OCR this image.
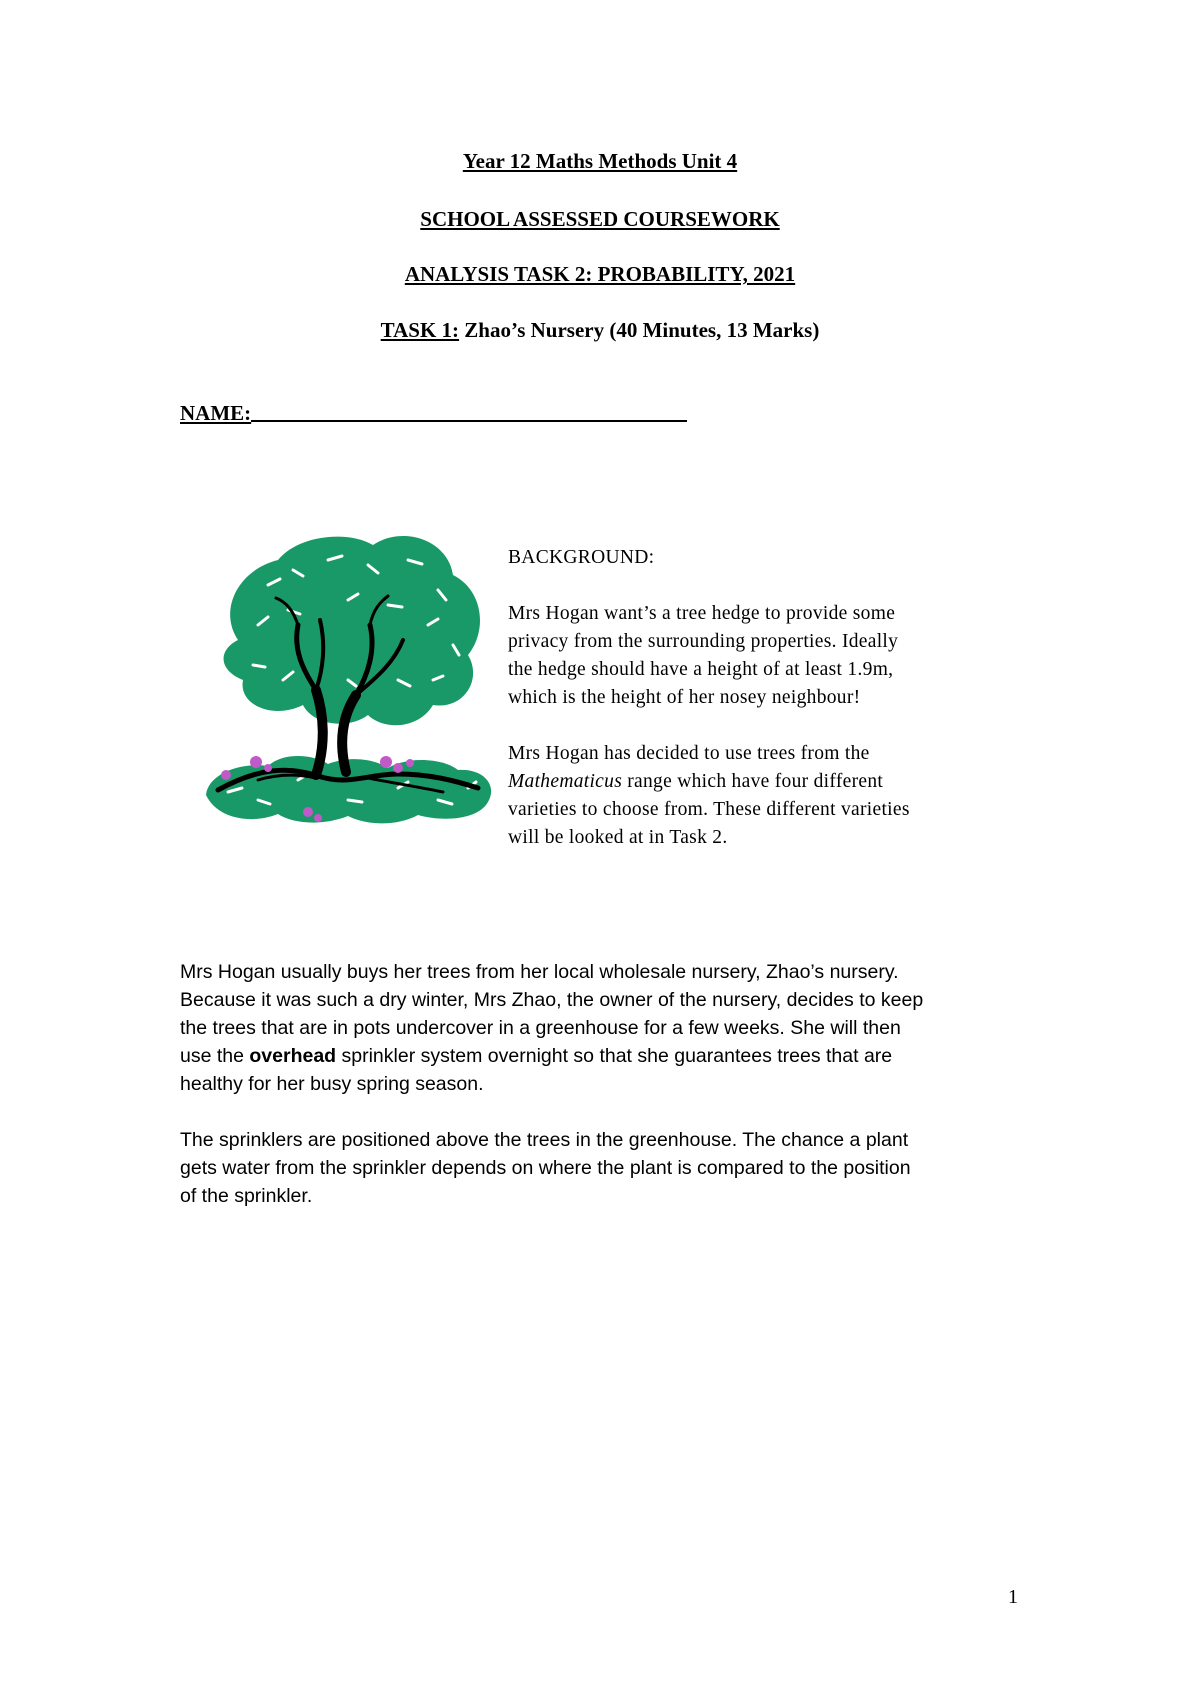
Year 12 Maths Methods Unit 4
SCHOOL ASSESSED COURSEWORK
ANALYSIS TASK 2: PROBABILITY, 2021
TASK 1: Zhao’s Nursery (40 Minutes, 13 Marks)
NAME:

BACKGROUND:

Mrs Hogan want’s a tree hedge to provide some
privacy from the surrounding properties. Ideally
the hedge should have a height of at least 1.9m,
which is the height of her nosey neighbour!

Mrs Hogan has decided to use trees from the
Mathematicus range which have four different
varieties to choose from. These different varieties
will be looked at in Task 2.

Mrs Hogan usually buys her trees from her local wholesale nursery, Zhao’s nursery.
Because it was such a dry winter, Mrs Zhao, the owner of the nursery, decides to keep
the trees that are in pots undercover in a greenhouse for a few weeks. She will then
use the overhead sprinkler system overnight so that she guarantees trees that are
healthy for her busy spring season.

The sprinklers are positioned above the trees in the greenhouse. The chance a plant
gets water from the sprinkler depends on where the plant is compared to the position
of the sprinkler.

1
